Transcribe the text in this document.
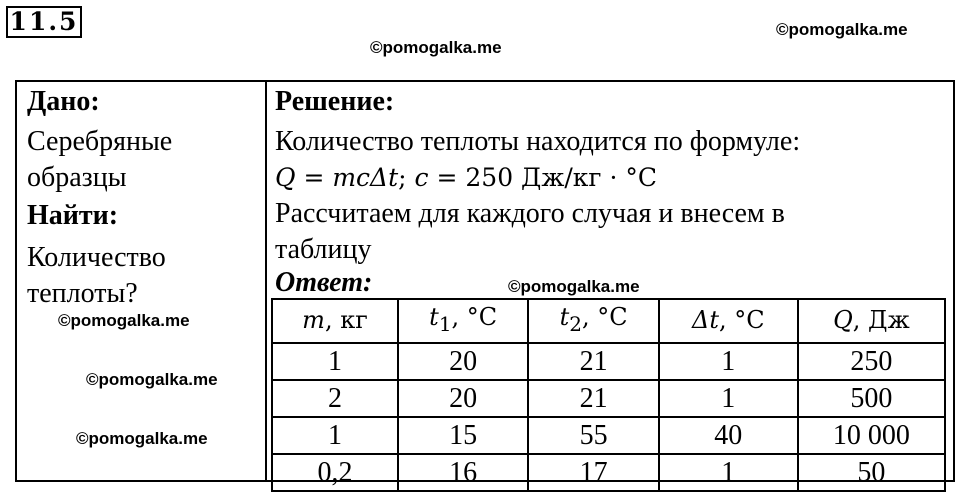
11.5
©pomogalka.me
©pomogalka.me
Дано:
Серебряные
образцы
Найти:
Количество
теплоты?
Решение:
Количество теплоты находится по формуле:
Q = mcΔt; c = 250 Дж/кг · °C
Рассчитаем для каждого случая и внесем в
таблицу
Ответ:
m, кг	$t_1$, °C	$t_2$, °C	Δt, °C	Q, Дж
1	20	21	1	250
2	20	21	1	500
1	15	55	40	10 000
0,2	16	17	1	50
©pomogalka.me
©pomogalka.me
©pomogalka.me
©pomogalka.me
